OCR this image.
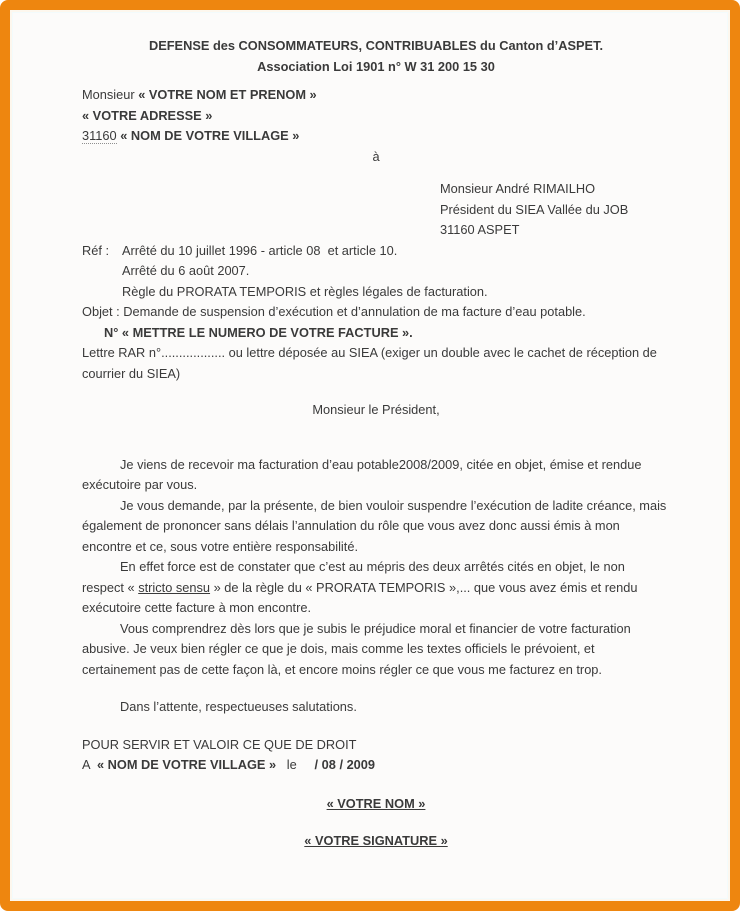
DEFENSE des CONSOMMATEURS, CONTRIBUABLES du Canton d’ASPET.
Association Loi 1901 n° W 31 200 15 30
Monsieur « VOTRE NOM ET PRENOM »
« VOTRE ADRESSE »
31160 « NOM DE VOTRE VILLAGE »
à
Monsieur André RIMAILHO
Président du SIEA Vallée du JOB
31160 ASPET
Réf : Arrêté du 10 juillet 1996 - article 08  et article 10.
Arrêté du 6 août 2007.
Règle du PRORATA TEMPORIS et règles légales de facturation.
Objet : Demande de suspension d’exécution et d’annulation de ma facture d’eau potable.
N° « METTRE LE NUMERO DE VOTRE FACTURE ».
Lettre RAR n°.................. ou lettre déposée au SIEA (exiger un double avec le cachet de réception de courrier du SIEA)
Monsieur le Président,
Je viens de recevoir ma facturation d’eau potable2008/2009, citée en objet, émise et rendue exécutoire par vous.
Je vous demande, par la présente, de bien vouloir suspendre l’exécution de ladite créance, mais également de prononcer sans délais l’annulation du rôle que vous avez donc aussi émis à mon encontre et ce, sous votre entière responsabilité.
En effet force est de constater que c’est au mépris des deux arrêtés cités en objet, le non respect « stricto sensu » de la règle du « PRORATA TEMPORIS »,... que vous avez émis et rendu exécutoire cette facture à mon encontre.
Vous comprendrez dès lors que je subis le préjudice moral et financier de votre facturation abusive. Je veux bien régler ce que je dois, mais comme les textes officiels le prévoient, et certainement pas de cette façon là, et encore moins régler ce que vous me facturez en trop.
Dans l’attente, respectueuses salutations.
POUR SERVIR ET VALOIR CE QUE DE DROIT
A  « NOM DE VOTRE VILLAGE »   le     / 08 / 2009
« VOTRE NOM »
« VOTRE SIGNATURE »
